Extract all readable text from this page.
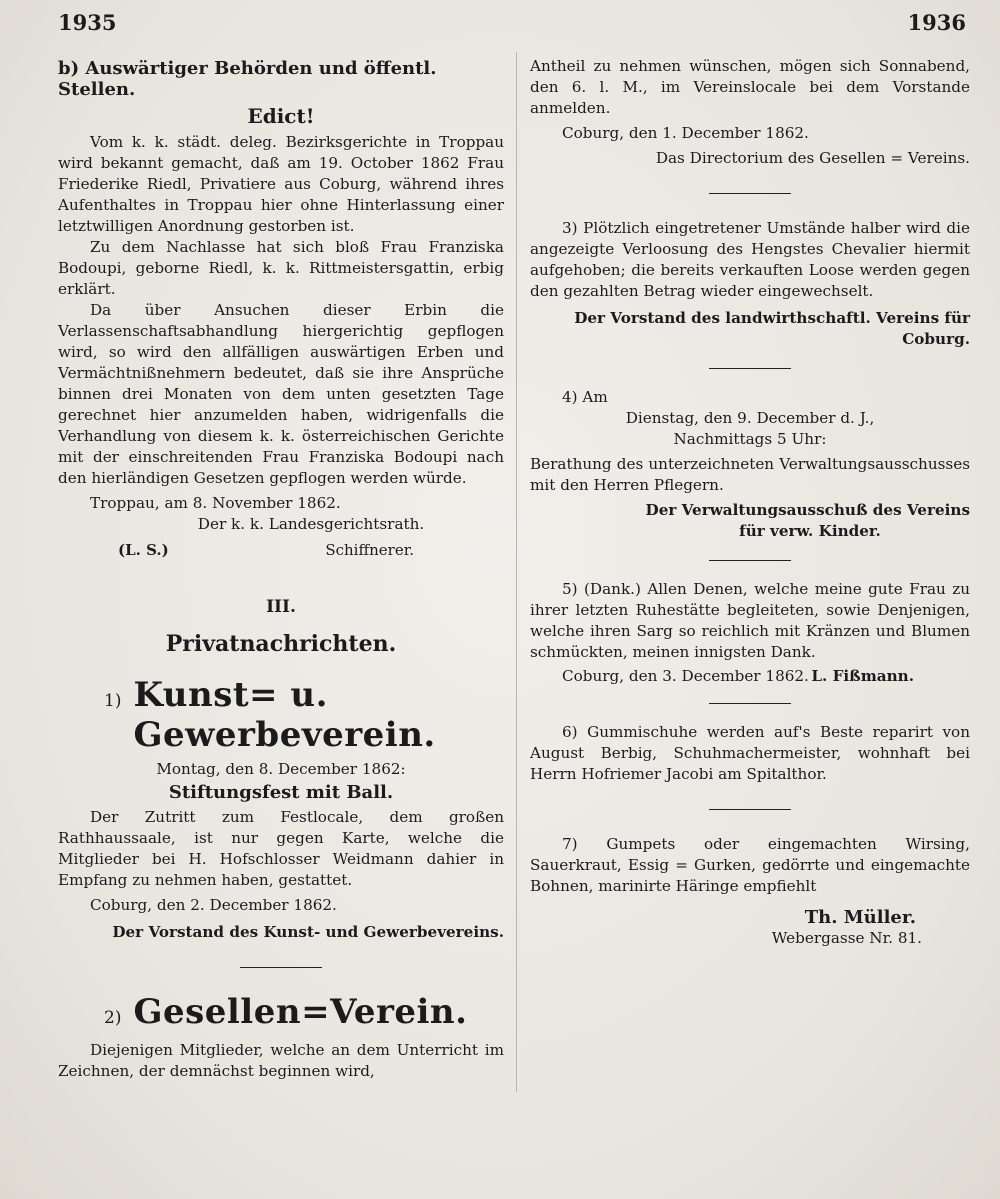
1935	1936
b) Auswärtiger Behörden und öffentl. Stellen.
Edict!

Vom k. k. städt. deleg. Bezirksgerichte in Troppau wird bekannt gemacht, daß am 19. October 1862 Frau Friederike Riedl, Privatiere aus Coburg, während ihres Aufenthaltes in Troppau hier ohne Hinterlassung einer letztwilligen Anordnung gestorben ist.

Zu dem Nachlasse hat sich bloß Frau Franziska Bodoupi, geborne Riedl, k. k. Rittmeistersgattin, erbig erklärt.

Da über Ansuchen dieser Erbin die Verlassenschaftsabhandlung hiergerichtig gepflogen wird, so wird den allfälligen auswärtigen Erben und Vermächtnißnehmern bedeutet, daß sie ihre Ansprüche binnen drei Monaten von dem unten gesetzten Tage gerechnet hier anzumelden haben, widrigenfalls die Verhandlung von diesem k. k. österreichischen Gerichte mit der einschreitenden Frau Franziska Bodoupi nach den hierländigen Gesetzen gepflogen werden würde.

Troppau, am 8. November 1862.

Der k. k. Landesgerichtsrath.

(L. S.)	Schiffnerer.
III.
Privatnachrichten.
1) Kunst= u. Gewerbeverein.

Montag, den 8. December 1862:

Stiftungsfest mit Ball.

Der Zutritt zum Festlocale, dem großen Rathhaussaale, ist nur gegen Karte, welche die Mitglieder bei H. Hofschlosser Weidmann dahier in Empfang zu nehmen haben, gestattet.

Coburg, den 2. December 1862.

Der Vorstand des Kunst- und Gewerbevereins.

2) Gesellen=Verein.

Diejenigen Mitglieder, welche an dem Unterricht im Zeichnen, der demnächst beginnen wird,

Antheil zu nehmen wünschen, mögen sich Sonnabend, den 6. l. M., im Vereinslocale bei dem Vorstande anmelden.

Coburg, den 1. December 1862.

Das Directorium des Gesellen = Vereins.

3) Plötzlich eingetretener Umstände halber wird die angezeigte Verloosung des Hengstes Chevalier hiermit aufgehoben; die bereits verkauften Loose werden gegen den gezahlten Betrag wieder eingewechselt.

Der Vorstand des landwirthschaftl. Vereins für Coburg.

4) Am

Dienstag, den 9. December d. J.,

Nachmittags 5 Uhr:

Berathung des unterzeichneten Verwaltungsausschusses mit den Herren Pflegern.

Der Verwaltungsausschuß des Vereins

für verw. Kinder.

5) (Dank.) Allen Denen, welche meine gute Frau zu ihrer letzten Ruhestätte begleiteten, sowie Denjenigen, welche ihren Sarg so reichlich mit Kränzen und Blumen schmückten, meinen innigsten Dank.

Coburg, den 3. December 1862. L. Fißmann.

6) Gummischuhe werden auf's Beste reparirt von August Berbig, Schuhmachermeister, wohnhaft bei Herrn Hofriemer Jacobi am Spitalthor.

7) Gumpets oder eingemachten Wirsing, Sauerkraut, Essig = Gurken, gedörrte und eingemachte Bohnen, marinirte Häringe empfiehlt

Th. Müller.

Webergasse Nr. 81.
